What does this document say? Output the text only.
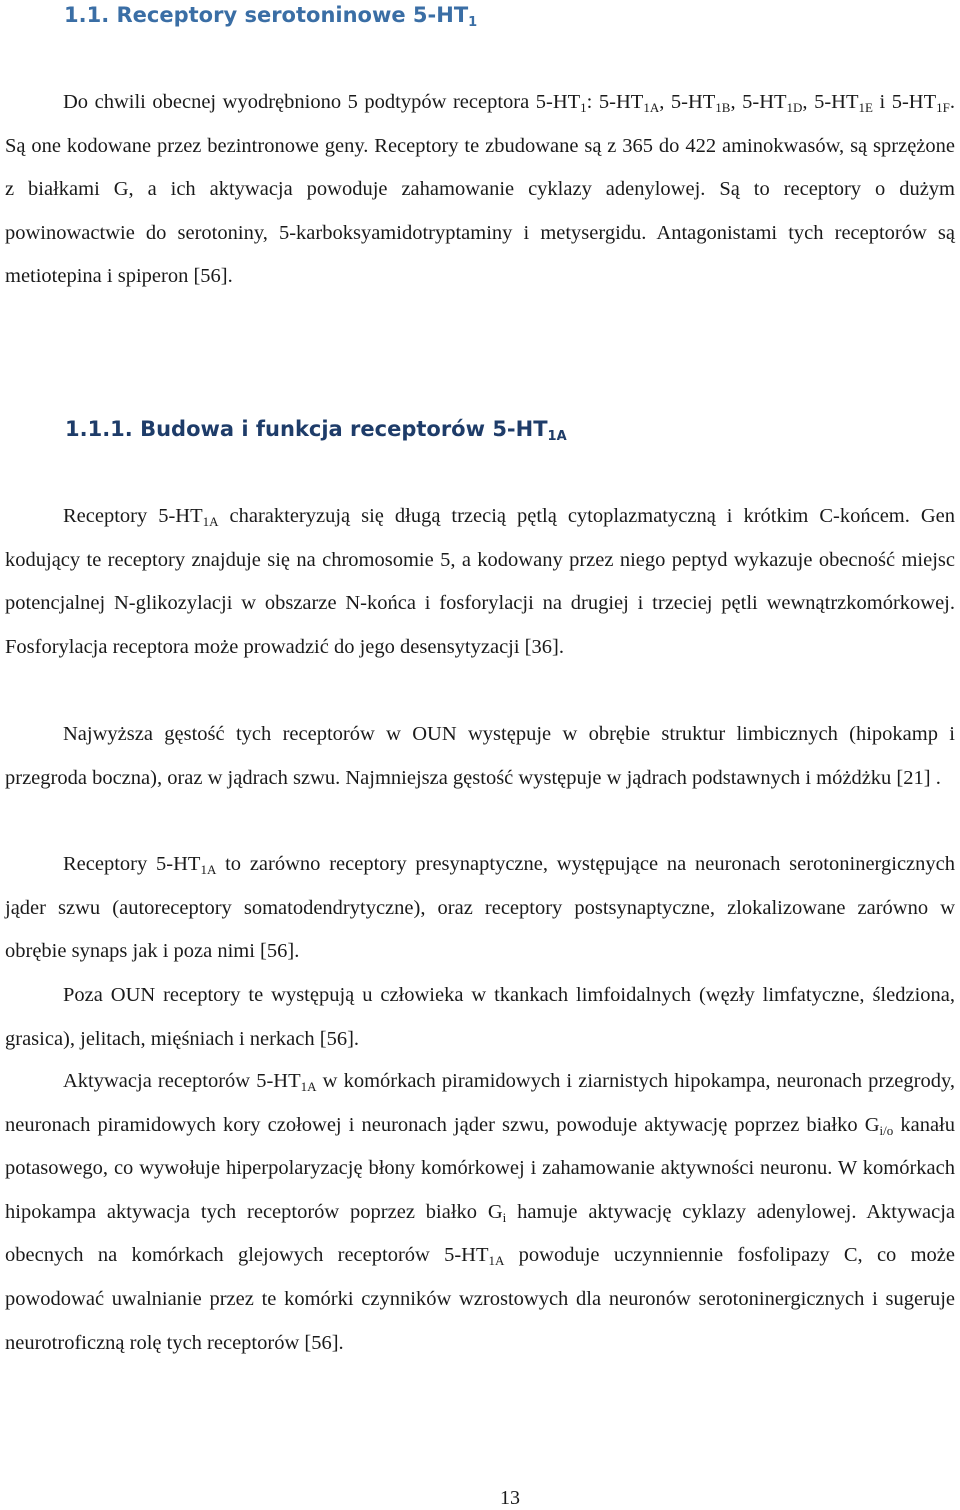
1.1. Receptory serotoninowe $5-HT_1$

Do chwili obecnej wyodrębniono 5 podtypów receptora $5-HT_1$: $5-HT_{1A}$, $5-HT_{1B}$, $5-HT_{1D}$, $5-HT_{1E}$ i $5-HT_{1F}$. Są one kodowane przez bezintronowe geny. Receptory te zbudowane są z 365 do 422 aminokwasów, są sprzężone z białkami G, a ich aktywacja powoduje zahamowanie cyklazy adenylowej. Są to receptory o dużym powinowactwie do serotoniny, 5-karboksyamidotryptaminy i metysergidu. Antagonistami tych receptorów są metiotepina i spiperon [56].

1.1.1. Budowa i funkcja receptorów $5-HT_{1A}$

Receptory $5-HT_{1A}$ charakteryzują się długą trzecią pętlą cytoplazmatyczną i krótkim C-końcem. Gen kodujący te receptory znajduje się na chromosomie 5, a kodowany przez niego peptyd wykazuje obecność miejsc potencjalnej N-glikozylacji w obszarze N-końca i fosforylacji na drugiej i trzeciej pętli wewnątrzkomórkowej. Fosforylacja receptora może prowadzić do jego desensytyzacji [36].

Najwyższa gęstość tych receptorów w OUN występuje w obrębie struktur limbicznych (hipokamp i przegroda boczna), oraz w jądrach szwu. Najmniejsza gęstość występuje w jądrach podstawnych i móżdżku [21] .

Receptory $5-HT_{1A}$ to zarówno receptory presynaptyczne, występujące na neuronach serotoninergicznych jąder szwu (autoreceptory somatodendrytyczne), oraz receptory postsynaptyczne, zlokalizowane zarówno w obrębie synaps jak i poza nimi [56].

Poza OUN receptory te występują u człowieka w tkankach limfoidalnych (węzły limfatyczne, śledziona, grasica), jelitach, mięśniach i nerkach [56].

Aktywacja receptorów $5-HT_{1A}$ w komórkach piramidowych i ziarnistych hipokampa, neuronach przegrody, neuronach piramidowych kory czołowej i neuronach jąder szwu, powoduje aktywację poprzez białko $G_{i/o}$ kanału potasowego, co wywołuje hiperpolaryzację błony komórkowej i zahamowanie aktywności neuronu. W komórkach hipokampa aktywacja tych receptorów poprzez białko $G_i$ hamuje aktywację cyklazy adenylowej. Aktywacja obecnych na komórkach glejowych receptorów $5-HT_{1A}$ powoduje uczynniennie fosfolipazy C, co może powodować uwalnianie przez te komórki czynników wzrostowych dla neuronów serotoninergicznych i sugeruje neurotroficzną rolę tych receptorów [56].

13
